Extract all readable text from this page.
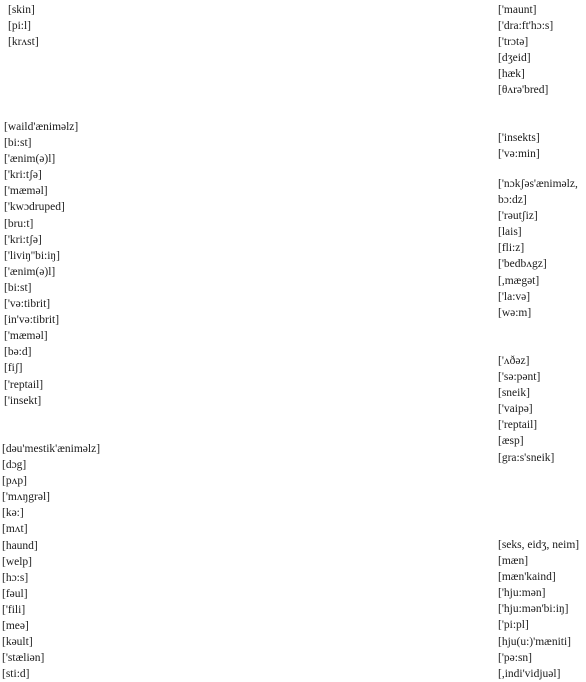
[skin]
[pi:l]
[krʌst]
[waild'ænimǝlz]
[bi:st]
['ænim(ǝ)l]
['kri:tʃǝ]
['mæmǝl]
['kwɔdruped]
[bru:t]
['kri:tʃǝ]
['liviŋ''bi:iŋ]
['ænim(ǝ)l]
[bi:st]
['vǝ:tibrit]
[in'vǝ:tibrit]
['mæmǝl]
[bǝ:d]
[fiʃ]
['reptail]
['insekt]
[dǝu'mestik'ænimǝlz]
[dɔg]
[pʌp]
['mʌŋgrǝl]
[kǝ:]
[mʌt]
[haund]
[welp]
[hɔ:s]
[fǝul]
['fili]
[meǝ]
[kǝult]
['stæliǝn]
[sti:d]
['maunt]
['dra:ft'hɔ:s]
['trɔtǝ]
[dʒeid]
[hæk]
[θʌrǝ'bred]
['insekts]
['vǝ:min]
['nɔkʃǝs'ænimǝlz,
bɔ:dz]
['rǝutʃiz]
[lais]
[fli:z]
['bedbʌgz]
[,mægǝt]
['la:vǝ]
[wǝ:m]
['ʌðǝz]
['sǝ:pǝnt]
[sneik]
['vaipǝ]
['reptail]
[æsp]
[gra:s'sneik]
[seks, eidʒ, neim]
[mæn]
[mæn'kaind]
['hju:mǝn]
['hju:mǝn'bi:iŋ]
['pi:pl]
[hju(u:)'mæniti]
['pǝ:sn]
[,indi'vidjuǝl]
